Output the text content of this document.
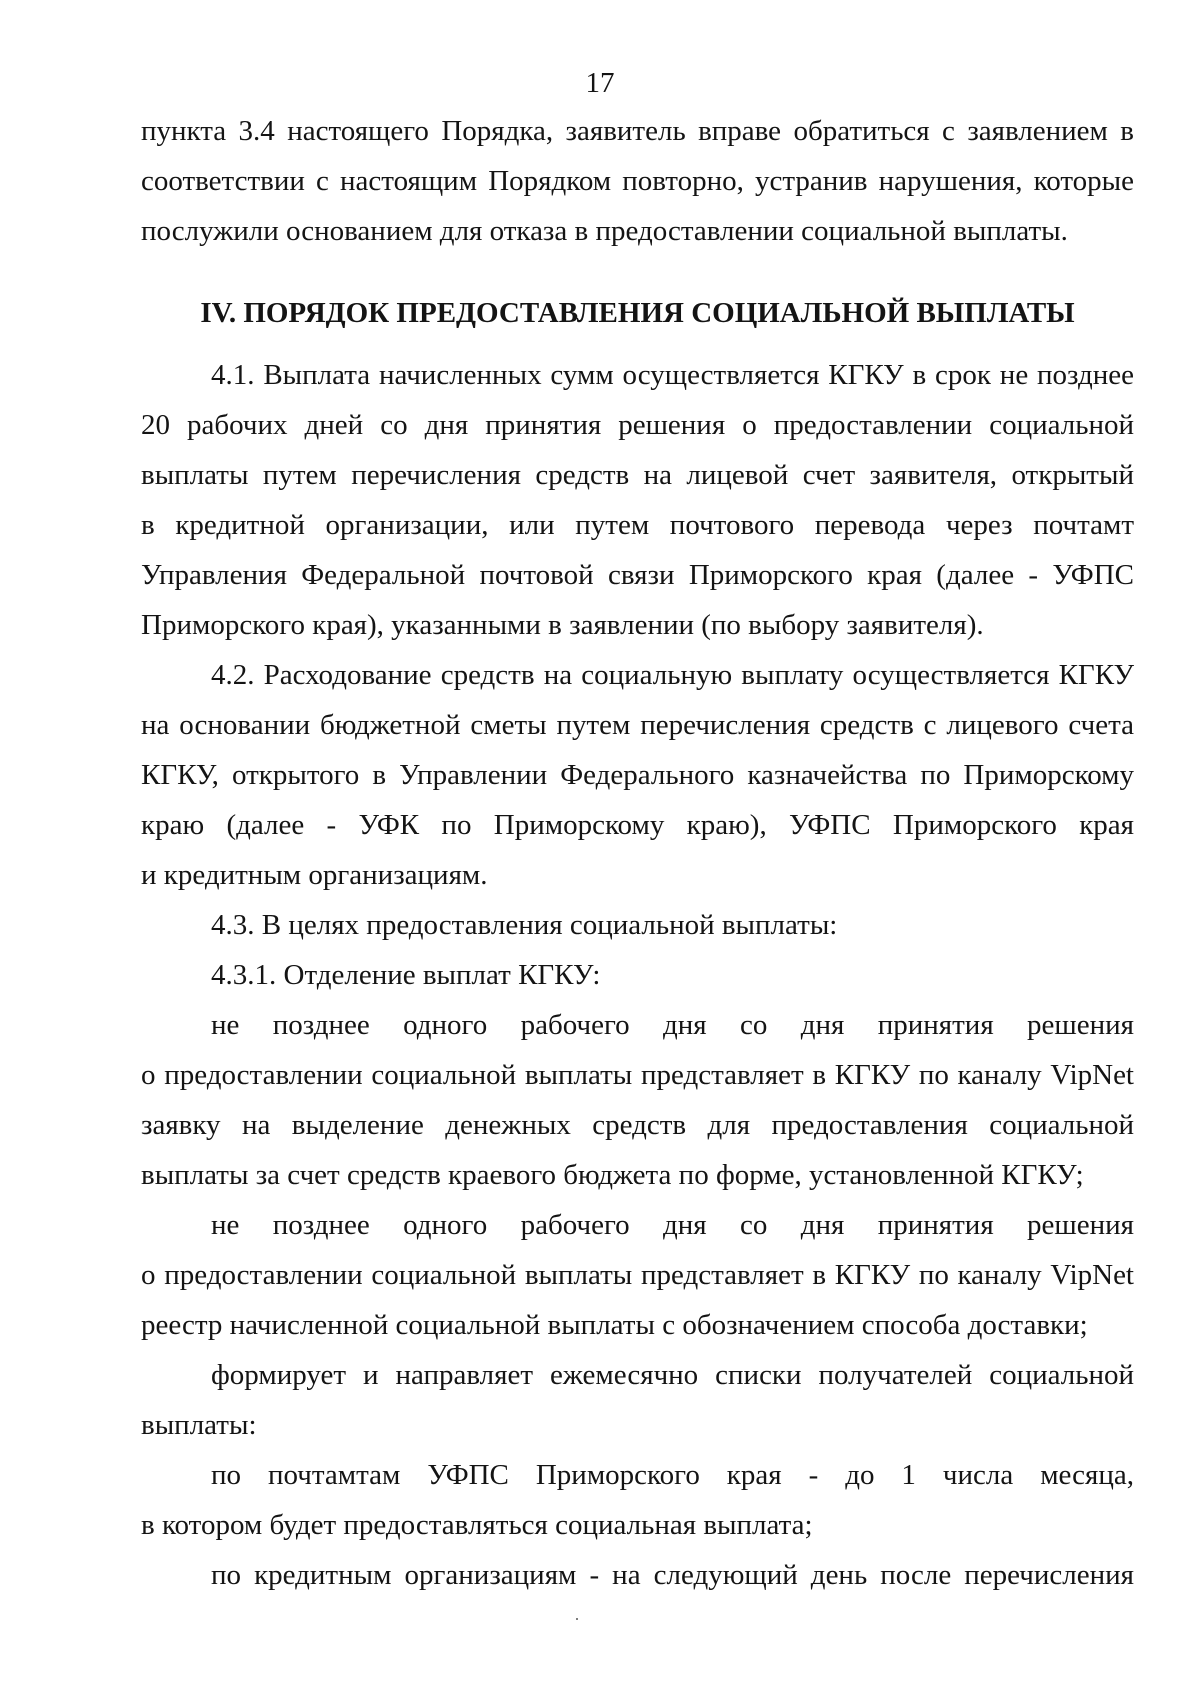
17
пункта 3.4 настоящего Порядка, заявитель вправе обратиться с заявлением в
соответствии с настоящим Порядком повторно, устранив нарушения, которые
послужили основанием для отказа в предоставлении социальной выплаты.
IV. ПОРЯДОК ПРЕДОСТАВЛЕНИЯ СОЦИАЛЬНОЙ ВЫПЛАТЫ
4.1. Выплата начисленных сумм осуществляется КГКУ в срок не позднее
20 рабочих дней со дня принятия решения о предоставлении социальной
выплаты путем перечисления средств на лицевой счет заявителя, открытый
в кредитной организации, или путем почтового перевода через почтамт
Управления Федеральной почтовой связи Приморского края (далее - УФПС
Приморского края), указанными в заявлении (по выбору заявителя).
4.2. Расходование средств на социальную выплату осуществляется КГКУ
на основании бюджетной сметы путем перечисления средств с лицевого счета
КГКУ, открытого в Управлении Федерального казначейства по Приморскому
краю (далее - УФК по Приморскому краю), УФПС Приморского края
и кредитным организациям.
4.3. В целях предоставления социальной выплаты:
4.3.1. Отделение выплат КГКУ:
не позднее одного рабочего дня со дня принятия решения
о предоставлении социальной выплаты представляет в КГКУ по каналу VipNet
заявку на выделение денежных средств для предоставления социальной
выплаты за счет средств краевого бюджета по форме, установленной КГКУ;
не позднее одного рабочего дня со дня принятия решения
о предоставлении социальной выплаты представляет в КГКУ по каналу VipNet
реестр начисленной социальной выплаты с обозначением способа доставки;
формирует и направляет ежемесячно списки получателей социальной
выплаты:
по почтамтам УФПС Приморского края - до 1 числа месяца,
в котором будет предоставляться социальная выплата;
по кредитным организациям - на следующий день после перечисления
